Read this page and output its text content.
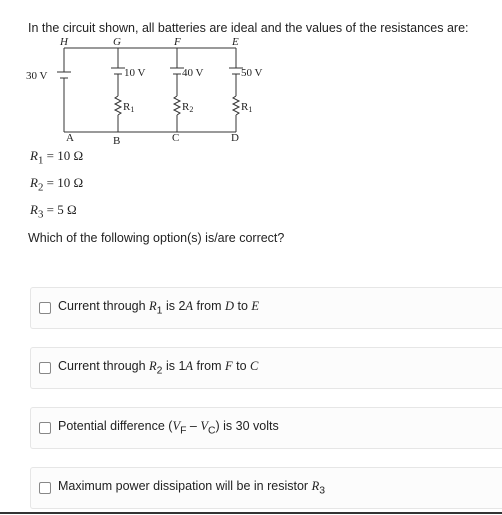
In the circuit shown, all batteries are ideal and the values of the resistances are:
H	G	F	E
A	B	C	D
30 V	10 V	40 V	50 V
R1	R2	R1
$R_1 = 10$ Ω
$R_2 = 10$ Ω
$R_3 = 5$ Ω
Which of the following option(s) is/are correct?
Current through $R_1$ is 2A from D to E
Current through $R_2$ is 1A from F to C
Potential difference $(V_F - V_C)$ is 30 volts
Maximum power dissipation will be in resistor $R_3$
